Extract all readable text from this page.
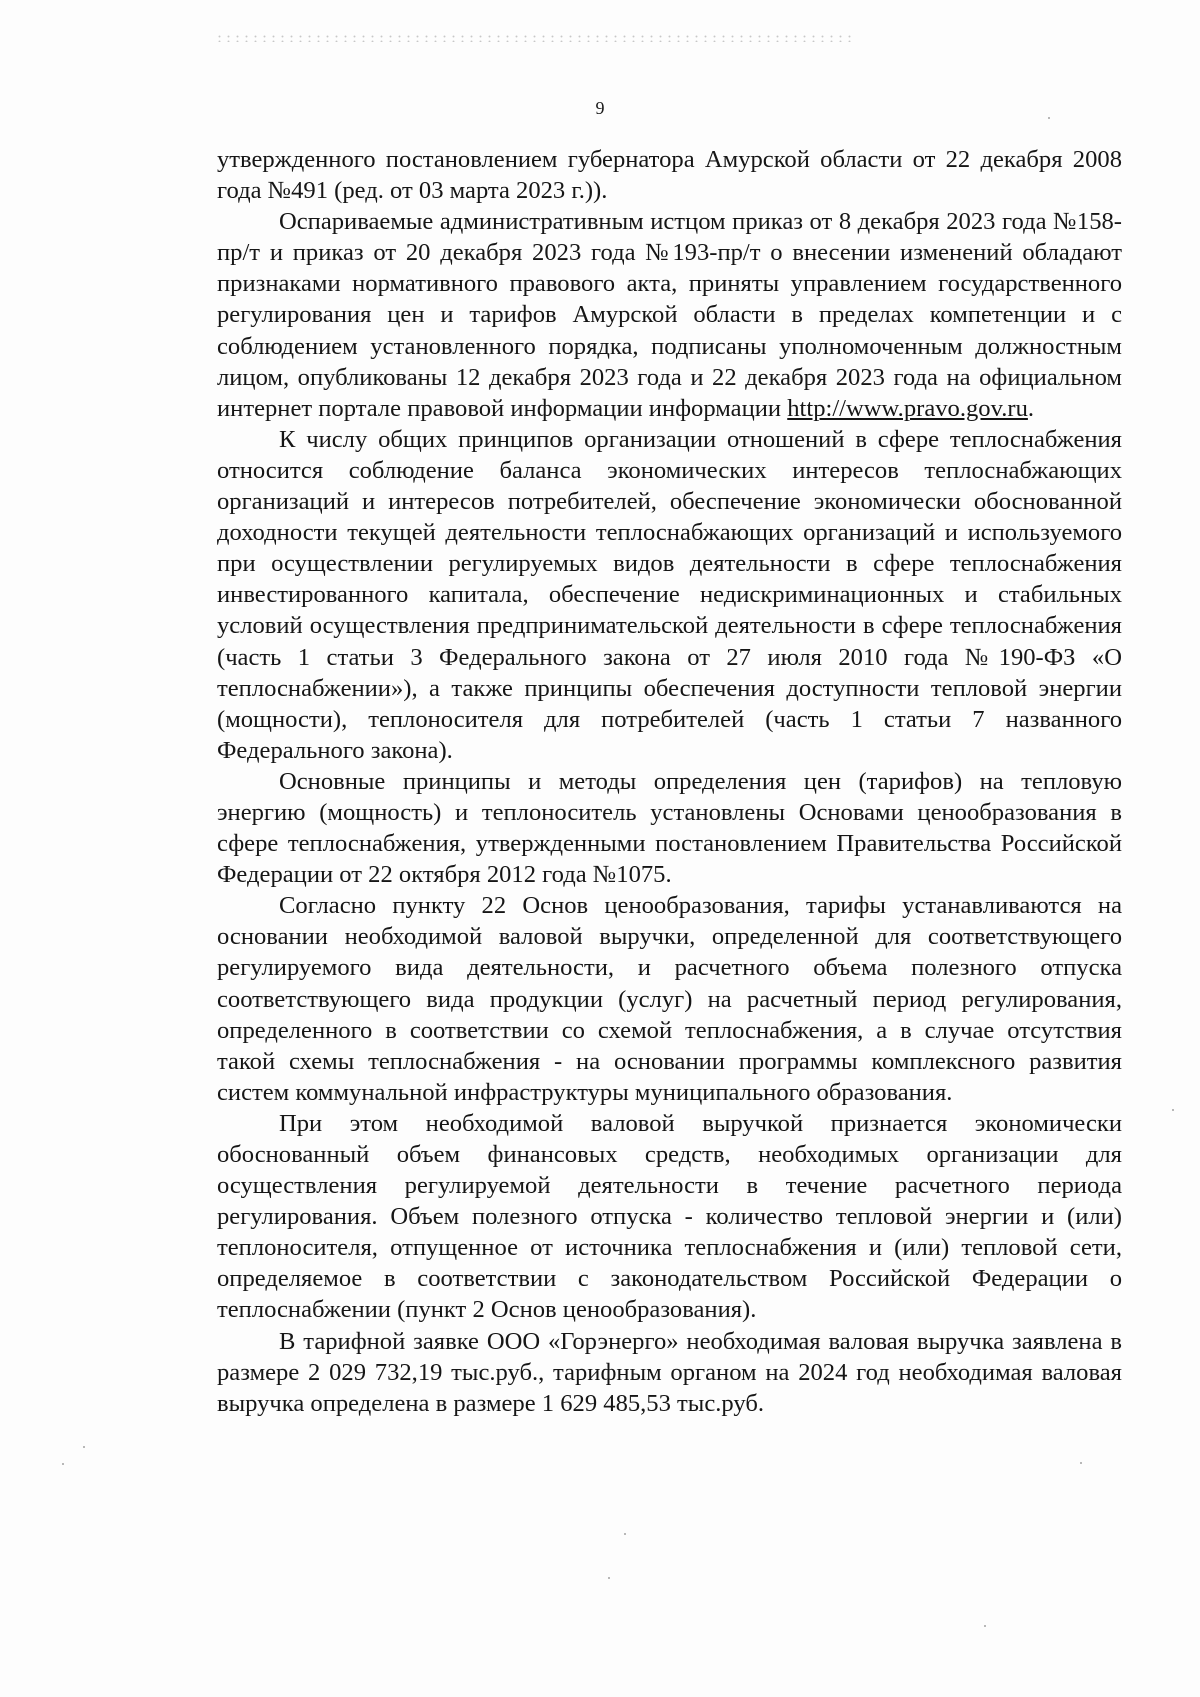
9

утвержденного постановлением губернатора Амурской области от 22 декабря 2008 года №491 (ред. от 03 марта 2023 г.)).

Оспариваемые административным истцом приказ от 8 декабря 2023 года №158-пр/т и приказ от 20 декабря 2023 года №193-пр/т о внесении изменений обладают признаками нормативного правового акта, приняты управлением государственного регулирования цен и тарифов Амурской области в пределах компетенции и с соблюдением установленного порядка, подписаны уполномоченным должностным лицом, опубликованы 12 декабря 2023 года и 22 декабря 2023 года на официальном интернет портале правовой информации информации http://www.pravo.gov.ru.

К числу общих принципов организации отношений в сфере теплоснабжения относится соблюдение баланса экономических интересов теплоснабжающих организаций и интересов потребителей, обеспечение экономически обоснованной доходности текущей деятельности теплоснабжающих организаций и используемого при осуществлении регулируемых видов деятельности в сфере теплоснабжения инвестированного капитала, обеспечение недискриминационных и стабильных условий осуществления предпринимательской деятельности в сфере теплоснабжения (часть 1 статьи 3 Федерального закона от 27 июля 2010 года №190-ФЗ «О теплоснабжении»), а также принципы обеспечения доступности тепловой энергии (мощности), теплоносителя для потребителей (часть 1 статьи 7 названного Федерального закона).

Основные принципы и методы определения цен (тарифов) на тепловую энергию (мощность) и теплоноситель установлены Основами ценообразования в сфере теплоснабжения, утвержденными постановлением Правительства Российской Федерации от 22 октября 2012 года №1075.

Согласно пункту 22 Основ ценообразования, тарифы устанавливаются на основании необходимой валовой выручки, определенной для соответствующего регулируемого вида деятельности, и расчетного объема полезного отпуска соответствующего вида продукции (услуг) на расчетный период регулирования, определенного в соответствии со схемой теплоснабжения, а в случае отсутствия такой схемы теплоснабжения - на основании программы комплексного развития систем коммунальной инфраструктуры муниципального образования.

При этом необходимой валовой выручкой признается экономически обоснованный объем финансовых средств, необходимых организации для осуществления регулируемой деятельности в течение расчетного периода регулирования. Объем полезного отпуска - количество тепловой энергии и (или) теплоносителя, отпущенное от источника теплоснабжения и (или) тепловой сети, определяемое в соответствии с законодательством Российской Федерации о теплоснабжении (пункт 2 Основ ценообразования).

В тарифной заявке ООО «Горэнерго» необходимая валовая выручка заявлена в размере 2 029 732,19 тыс.руб., тарифным органом на 2024 год необходимая валовая выручка определена в размере 1 629 485,53 тыс.руб.
